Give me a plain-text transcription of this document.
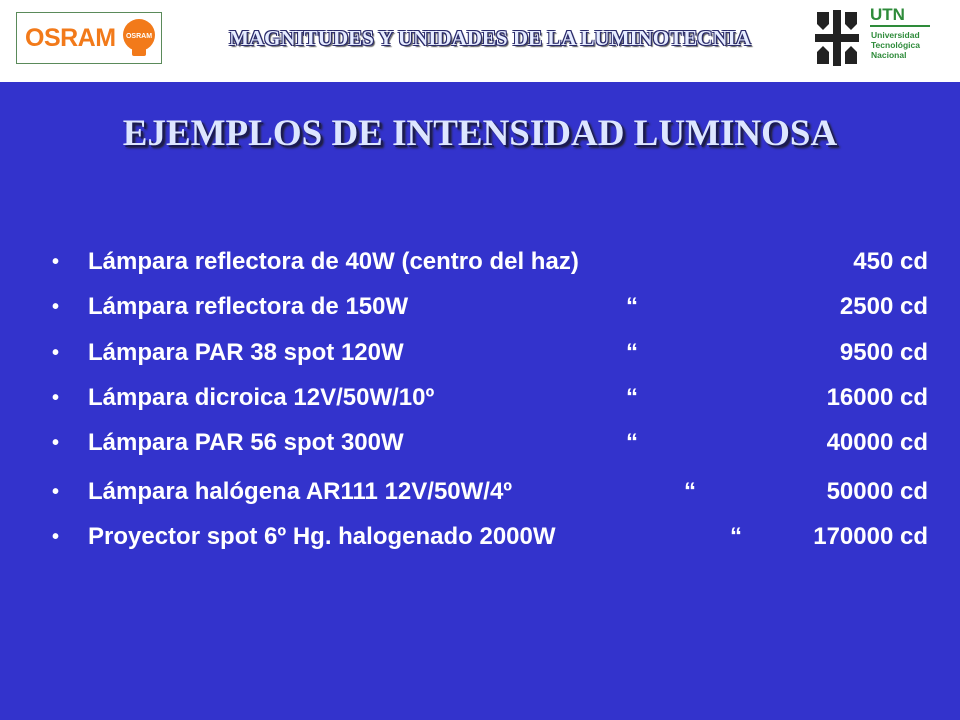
OSRAM OSRAM	MAGNITUDES Y UNIDADES DE LA LUMINOTECNIA
UTN
Universidad
Tecnológica
Nacional
EJEMPLOS DE INTENSIDAD LUMINOSA
• Lámpara reflectora de 40W (centro del haz)	450 cd
• Lámpara reflectora de 150W	“	2500 cd
• Lámpara PAR 38 spot 120W	“	9500 cd
• Lámpara dicroica 12V/50W/10º	“	16000 cd
• Lámpara PAR 56 spot 300W	“	40000 cd
• Lámpara halógena AR111 12V/50W/4º	“	50000 cd
• Proyector spot 6º Hg. halogenado 2000W	“	170000 cd
